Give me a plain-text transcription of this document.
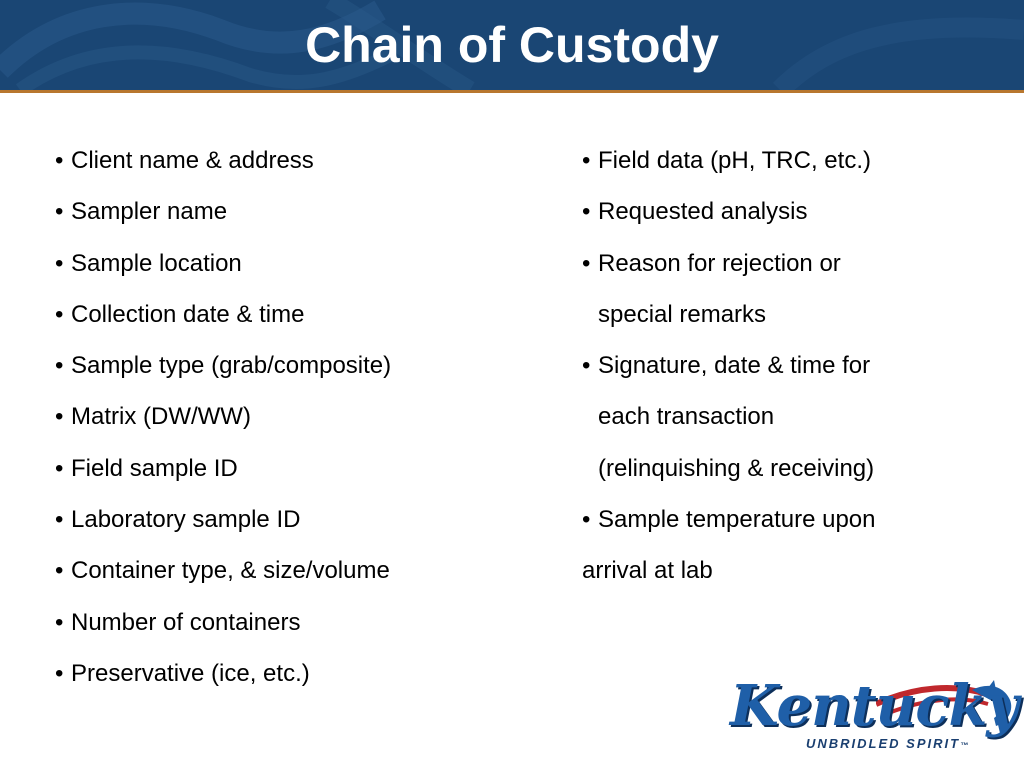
Chain of Custody
• Client name & address
• Sampler name
• Sample location
• Collection date & time
• Sample type (grab/composite)
• Matrix (DW/WW)
• Field sample ID
• Laboratory sample ID
• Container type, & size/volume
• Number of containers
• Preservative (ice, etc.)
• Field data (pH, TRC, etc.)
• Requested analysis
• Reason for rejection or
special remarks
• Signature, date & time for
each transaction
(relinquishing & receiving)
• Sample temperature upon
arrival at lab
Kentucky
UNBRIDLED SPIRIT™
